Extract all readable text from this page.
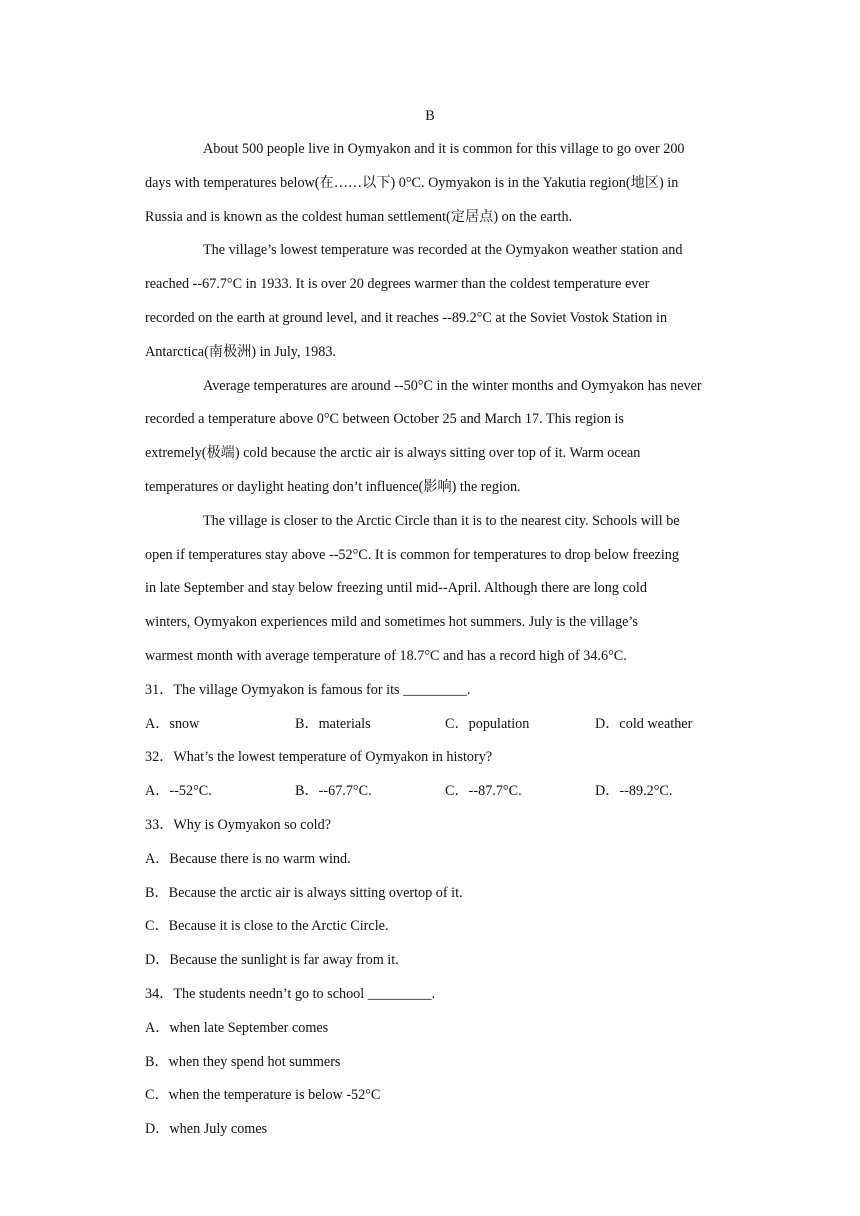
B

About 500 people live in Oymyakon and it is common for this village to go over 200
days with temperatures below(在……以下) 0°C. Oymyakon is in the Yakutia region(地区) in
Russia and is known as the coldest human settlement(定居点) on the earth.

The village’s lowest temperature was recorded at the Oymyakon weather station and
reached --67.7°C in 1933. It is over 20 degrees warmer than the coldest temperature ever
recorded on the earth at ground level, and it reaches --89.2°C at the Soviet Vostok Station in
Antarctica(南极洲) in July, 1983.

Average temperatures are around --50°C in the winter months and Oymyakon has never
recorded a temperature above 0°C between October 25 and March 17. This region is
extremely(极端) cold because the arctic air is always sitting over top of it. Warm ocean
temperatures or daylight heating don’t influence(影响) the region.

The village is closer to the Arctic Circle than it is to the nearest city. Schools will be
open if temperatures stay above --52°C. It is common for temperatures to drop below freezing
in late September and stay below freezing until mid--April. Although there are long cold
winters, Oymyakon experiences mild and sometimes hot summers. July is the village’s
warmest month with average temperature of 18.7°C and has a record high of 34.6°C.

31．The village Oymyakon is famous for its _________.
A．snow	B．materials	C．population	D．cold weather
32．What’s the lowest temperature of Oymyakon in history?
A．--52°C.	B．--67.7°C.	C．--87.7°C.	D．--89.2°C.
33．Why is Oymyakon so cold?
A．Because there is no warm wind.
B．Because the arctic air is always sitting overtop of it.
C．Because it is close to the Arctic Circle.
D．Because the sunlight is far away from it.
34．The students needn’t go to school _________.
A．when late September comes
B．when they spend hot summers
C．when the temperature is below -52°C
D．when July comes
